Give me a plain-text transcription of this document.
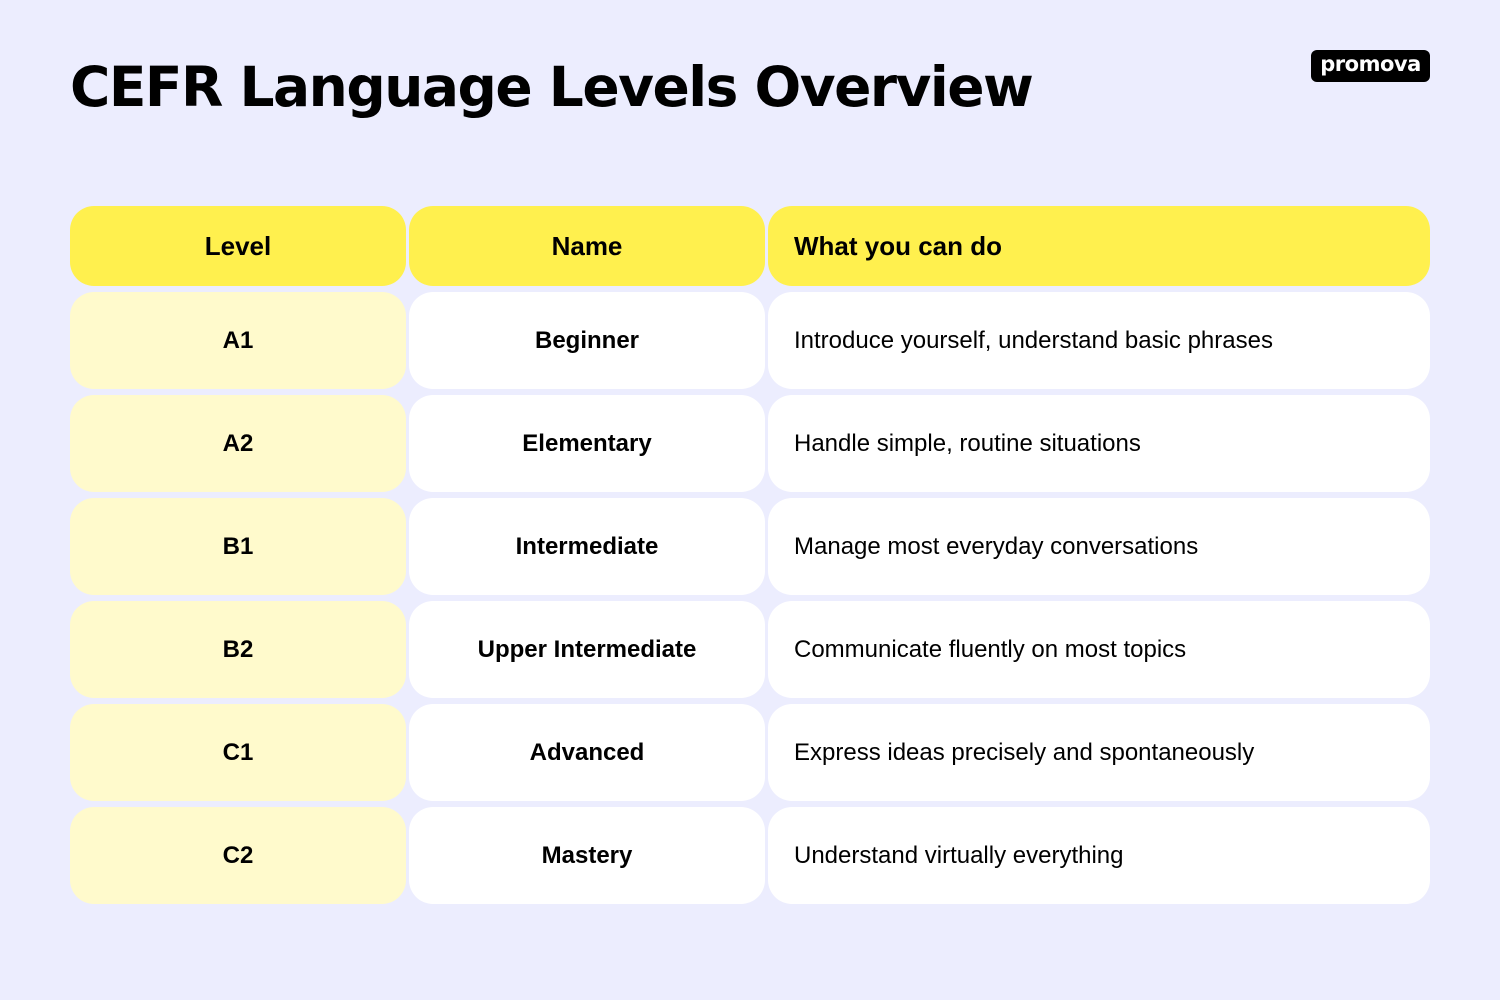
CEFR Language Levels Overview	promova
Level	Name	What you can do
A1	Beginner	Introduce yourself, understand basic phrases
A2	Elementary	Handle simple, routine situations
B1	Intermediate	Manage most everyday conversations
B2	Upper Intermediate	Communicate fluently on most topics
C1	Advanced	Express ideas precisely and spontaneously
C2	Mastery	Understand virtually everything
